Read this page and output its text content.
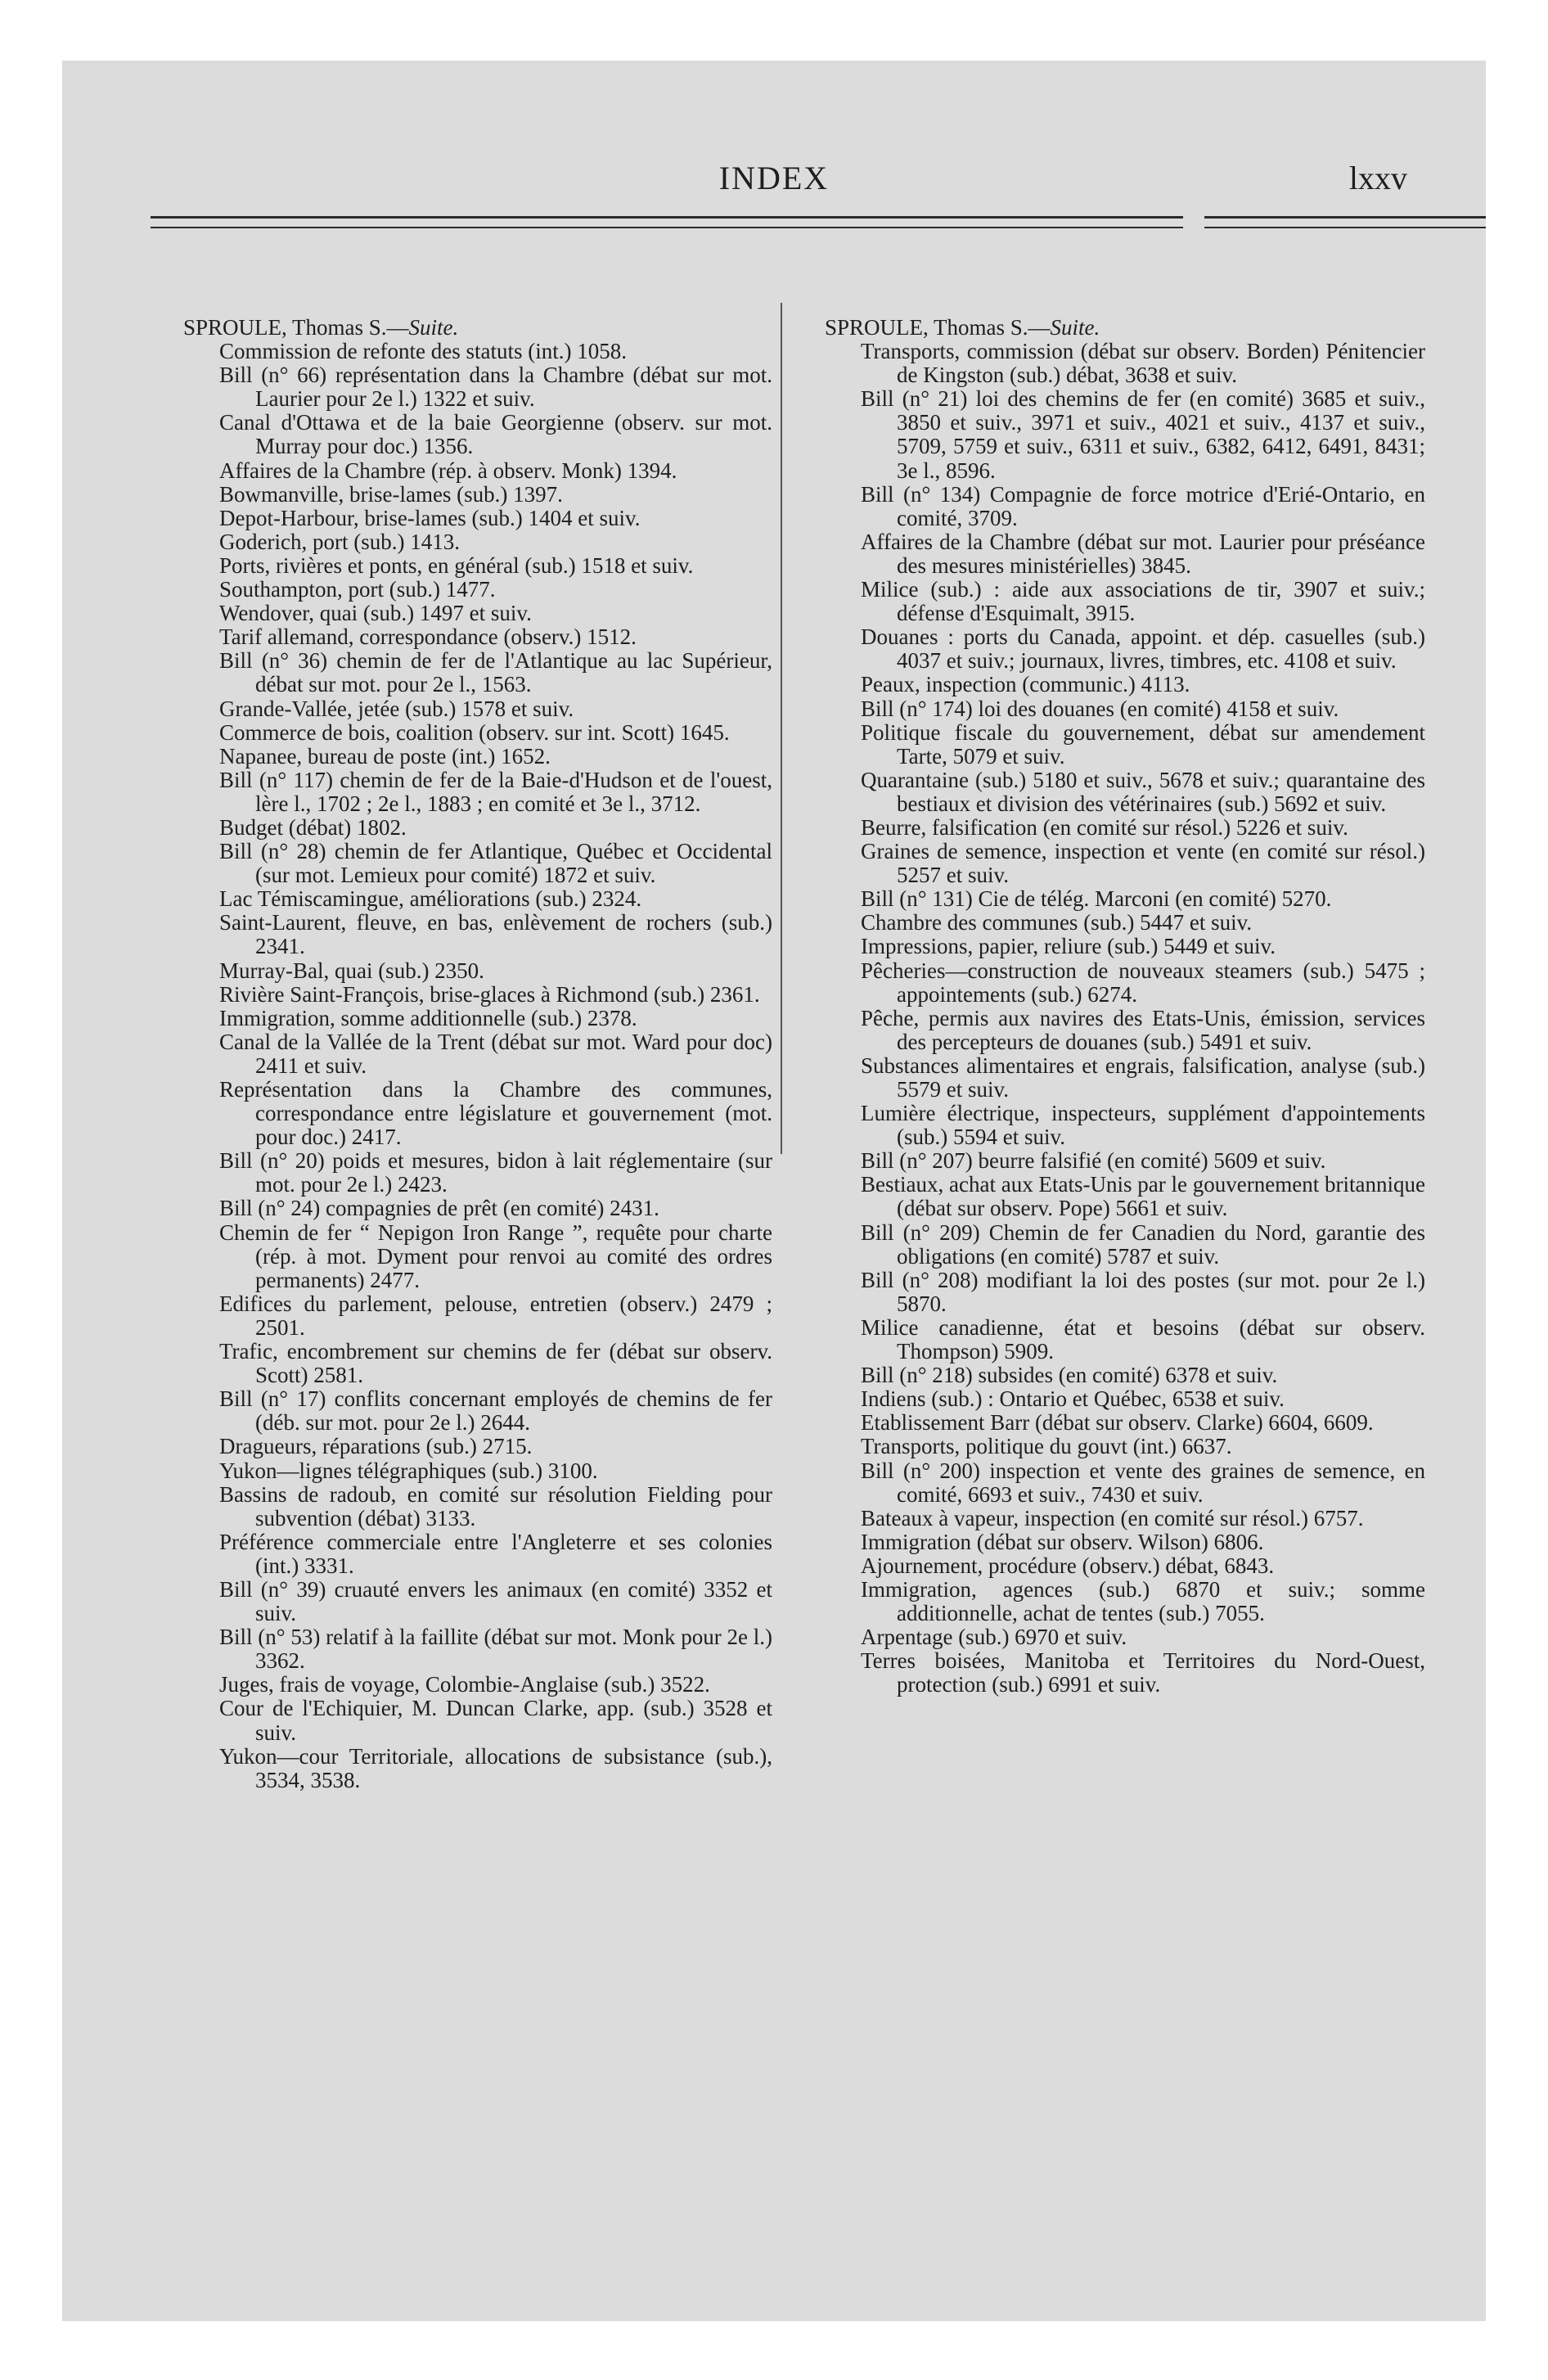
INDEX	lxxv
SPROULE, Thomas S.—Suite.
Commission de refonte des statuts (int.) 1058.
Bill (n° 66) représentation dans la Chambre (débat sur mot. Laurier pour 2e l.) 1322 et suiv.
Canal d'Ottawa et de la baie Georgienne (observ. sur mot. Murray pour doc.) 1356.
Affaires de la Chambre (rép. à observ. Monk) 1394.
Bowmanville, brise-lames (sub.) 1397.
Depot-Harbour, brise-lames (sub.) 1404 et suiv.
Goderich, port (sub.) 1413.
Ports, rivières et ponts, en général (sub.) 1518 et suiv.
Southampton, port (sub.) 1477.
Wendover, quai (sub.) 1497 et suiv.
Tarif allemand, correspondance (observ.) 1512.
Bill (n° 36) chemin de fer de l'Atlantique au lac Supérieur, débat sur mot. pour 2e l., 1563.
Grande-Vallée, jetée (sub.) 1578 et suiv.
Commerce de bois, coalition (observ. sur int. Scott) 1645.
Napanee, bureau de poste (int.) 1652.
Bill (n° 117) chemin de fer de la Baie-d'Hudson et de l'ouest, lère l., 1702 ; 2e l., 1883 ; en comité et 3e l., 3712.
Budget (débat) 1802.
Bill (n° 28) chemin de fer Atlantique, Québec et Occidental (sur mot. Lemieux pour comité) 1872 et suiv.
Lac Témiscamingue, améliorations (sub.) 2324.
Saint-Laurent, fleuve, en bas, enlèvement de rochers (sub.) 2341.
Murray-Bal, quai (sub.) 2350.
Rivière Saint-François, brise-glaces à Richmond (sub.) 2361.
Immigration, somme additionnelle (sub.) 2378.
Canal de la Vallée de la Trent (débat sur mot. Ward pour doc) 2411 et suiv.
Représentation dans la Chambre des communes, correspondance entre législature et gouvernement (mot. pour doc.) 2417.
Bill (n° 20) poids et mesures, bidon à lait réglementaire (sur mot. pour 2e l.) 2423.
Bill (n° 24) compagnies de prêt (en comité) 2431.
Chemin de fer “ Nepigon Iron Range ”, requête pour charte (rép. à mot. Dyment pour renvoi au comité des ordres permanents) 2477.
Edifices du parlement, pelouse, entretien (observ.) 2479 ; 2501.
Trafic, encombrement sur chemins de fer (débat sur observ. Scott) 2581.
Bill (n° 17) conflits concernant employés de chemins de fer (déb. sur mot. pour 2e l.) 2644.
Dragueurs, réparations (sub.) 2715.
Yukon—lignes télégraphiques (sub.) 3100.
Bassins de radoub, en comité sur résolution Fielding pour subvention (débat) 3133.
Préférence commerciale entre l'Angleterre et ses colonies (int.) 3331.
Bill (n° 39) cruauté envers les animaux (en comité) 3352 et suiv.
Bill (n° 53) relatif à la faillite (débat sur mot. Monk pour 2e l.) 3362.
Juges, frais de voyage, Colombie-Anglaise (sub.) 3522.
Cour de l'Echiquier, M. Duncan Clarke, app. (sub.) 3528 et suiv.
Yukon—cour Territoriale, allocations de subsistance (sub.), 3534, 3538.
SPROULE, Thomas S.—Suite.
Transports, commission (débat sur observ. Borden) Pénitencier de Kingston (sub.) débat, 3638 et suiv.
Bill (n° 21) loi des chemins de fer (en comité) 3685 et suiv., 3850 et suiv., 3971 et suiv., 4021 et suiv., 4137 et suiv., 5709, 5759 et suiv., 6311 et suiv., 6382, 6412, 6491, 8431; 3e l., 8596.
Bill (n° 134) Compagnie de force motrice d'Erié-Ontario, en comité, 3709.
Affaires de la Chambre (débat sur mot. Laurier pour préséance des mesures ministérielles) 3845.
Milice (sub.) : aide aux associations de tir, 3907 et suiv.; défense d'Esquimalt, 3915.
Douanes : ports du Canada, appoint. et dép. casuelles (sub.) 4037 et suiv.; journaux, livres, timbres, etc. 4108 et suiv.
Peaux, inspection (communic.) 4113.
Bill (n° 174) loi des douanes (en comité) 4158 et suiv.
Politique fiscale du gouvernement, débat sur amendement Tarte, 5079 et suiv.
Quarantaine (sub.) 5180 et suiv., 5678 et suiv.; quarantaine des bestiaux et division des vétérinaires (sub.) 5692 et suiv.
Beurre, falsification (en comité sur résol.) 5226 et suiv.
Graines de semence, inspection et vente (en comité sur résol.) 5257 et suiv.
Bill (n° 131) Cie de télég. Marconi (en comité) 5270.
Chambre des communes (sub.) 5447 et suiv.
Impressions, papier, reliure (sub.) 5449 et suiv.
Pêcheries—construction de nouveaux steamers (sub.) 5475 ; appointements (sub.) 6274.
Pêche, permis aux navires des Etats-Unis, émission, services des percepteurs de douanes (sub.) 5491 et suiv.
Substances alimentaires et engrais, falsification, analyse (sub.) 5579 et suiv.
Lumière électrique, inspecteurs, supplément d'appointements (sub.) 5594 et suiv.
Bill (n° 207) beurre falsifié (en comité) 5609 et suiv.
Bestiaux, achat aux Etats-Unis par le gouvernement britannique (débat sur observ. Pope) 5661 et suiv.
Bill (n° 209) Chemin de fer Canadien du Nord, garantie des obligations (en comité) 5787 et suiv.
Bill (n° 208) modifiant la loi des postes (sur mot. pour 2e l.) 5870.
Milice canadienne, état et besoins (débat sur observ. Thompson) 5909.
Bill (n° 218) subsides (en comité) 6378 et suiv.
Indiens (sub.) : Ontario et Québec, 6538 et suiv.
Etablissement Barr (débat sur observ. Clarke) 6604, 6609.
Transports, politique du gouvt (int.) 6637.
Bill (n° 200) inspection et vente des graines de semence, en comité, 6693 et suiv., 7430 et suiv.
Bateaux à vapeur, inspection (en comité sur résol.) 6757.
Immigration (débat sur observ. Wilson) 6806.
Ajournement, procédure (observ.) débat, 6843.
Immigration, agences (sub.) 6870 et suiv.; somme additionnelle, achat de tentes (sub.) 7055.
Arpentage (sub.) 6970 et suiv.
Terres boisées, Manitoba et Territoires du Nord-Ouest, protection (sub.) 6991 et suiv.
